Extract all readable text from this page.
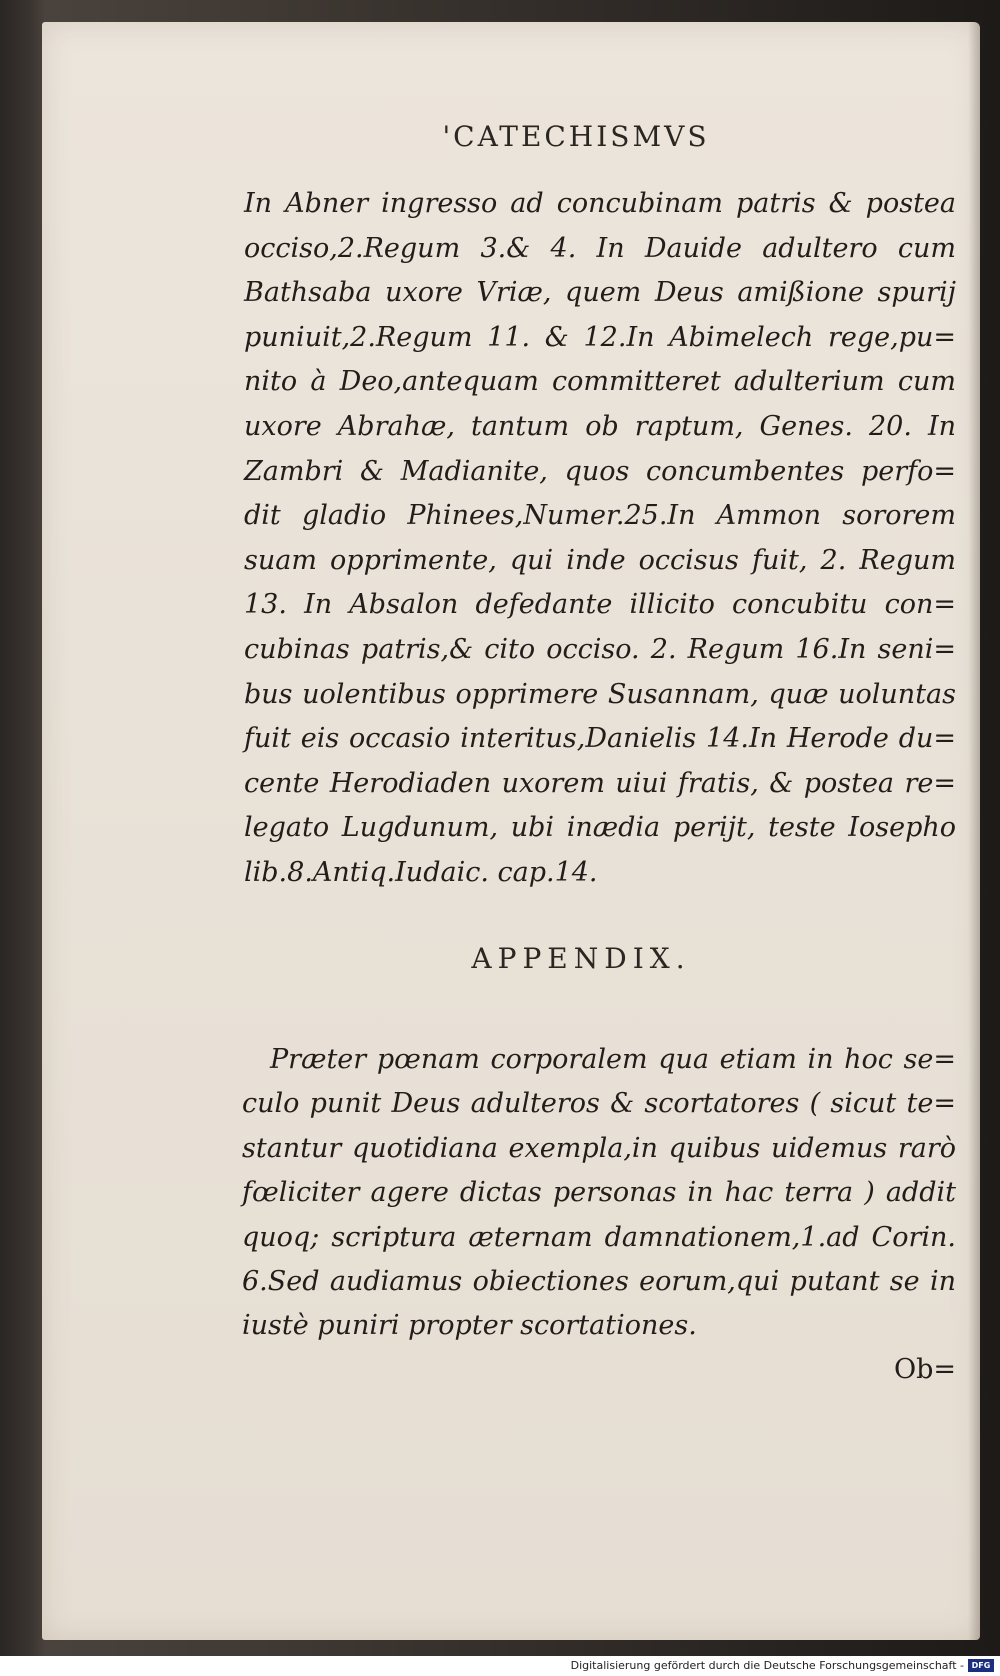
'CATECHISMVS
In Abner ingresso ad concubinam patris & postea
occiso,2.Regum 3.& 4. In Dauide adultero cum
Bathsaba uxore Vriæ, quem Deus amißione spurij
puniuit,2.Regum 11. & 12.In Abimelech rege,pu=
nito à Deo,antequam committeret adulterium cum
uxore Abrahæ, tantum ob raptum, Genes. 20. In
Zambri & Madianite, quos concumbentes perfo=
dit gladio Phinees,Numer.25.In Ammon sororem
suam opprimente, qui inde occisus fuit, 2. Regum
13. In Absalon defedante illicito concubitu con=
cubinas patris,& cito occiso. 2. Regum 16.In seni=
bus uolentibus opprimere Susannam, quæ uoluntas
fuit eis occasio interitus,Danielis 14.In Herode du=
cente Herodiaden uxorem uiui fratis, & postea re=
legato Lugdunum, ubi inædia perijt, teste Iosepho
lib.8.Antiq.Iudaic. cap.14.
APPENDIX.
Præter pœnam corporalem qua etiam in hoc se=
culo punit Deus adulteros & scortatores ( sicut te=
stantur quotidiana exempla,in quibus uidemus rarò
fœliciter agere dictas personas in hac terra ) addit
quoq; scriptura æternam damnationem,1.ad Corin.
6.Sed audiamus obiectiones eorum,qui putant se in
iustè puniri propter scortationes.
Ob=
Digitalisierung gefördert durch die Deutsche Forschungsgemeinschaft - DFG
